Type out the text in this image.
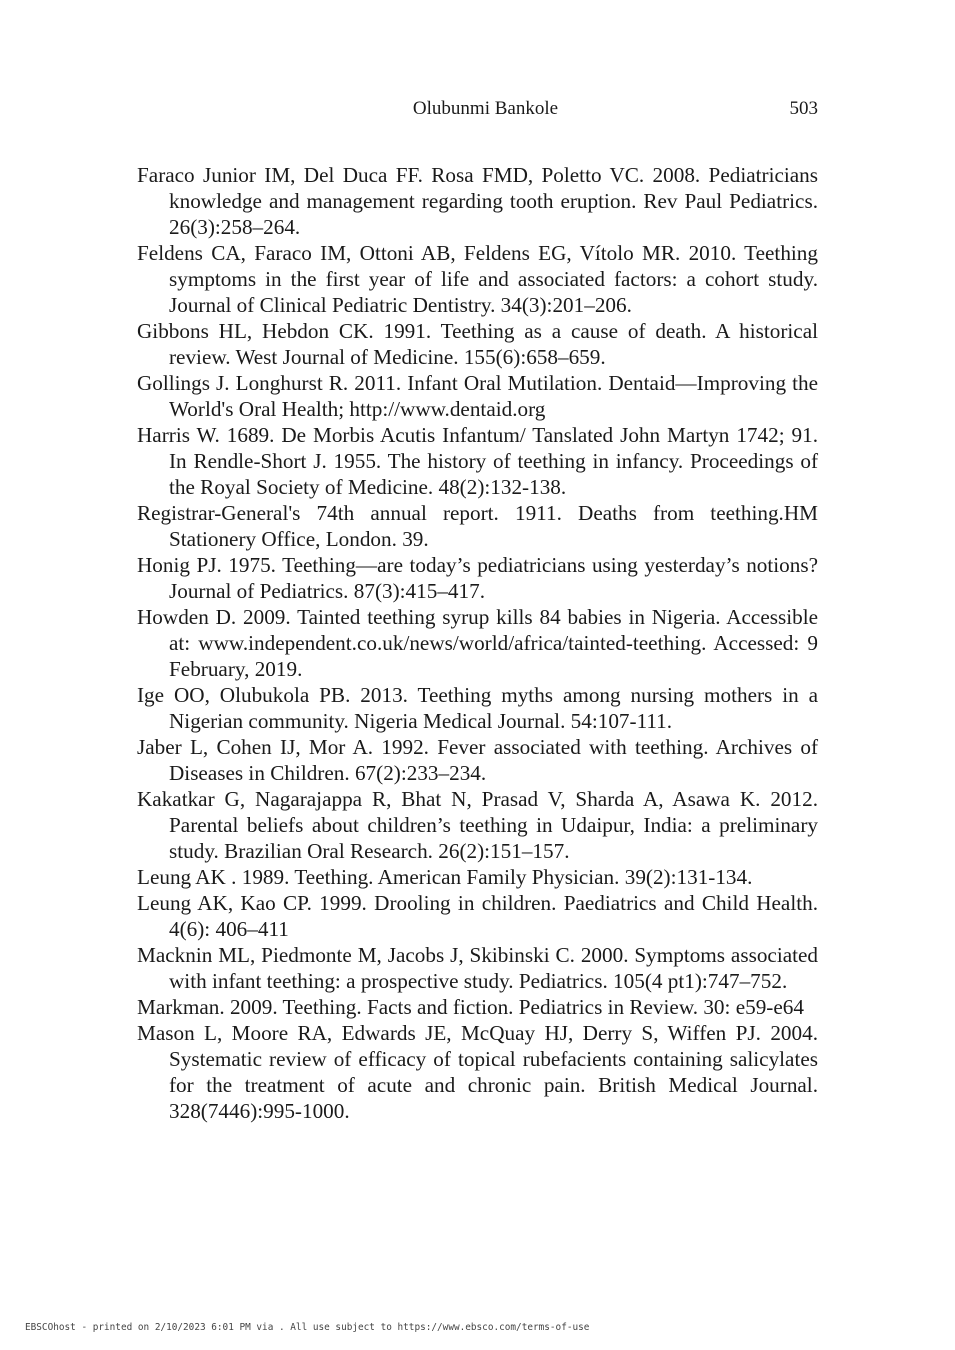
Olubunmi Bankole	503
Faraco Junior IM, Del Duca FF. Rosa FMD, Poletto VC. 2008. Pediatricians knowledge and management regarding tooth eruption. Rev Paul Pediatrics. 26(3):258–264.
Feldens CA, Faraco IM, Ottoni AB, Feldens EG, Vítolo MR. 2010. Teething symptoms in the first year of life and associated factors: a cohort study. Journal of Clinical Pediatric Dentistry. 34(3):201–206.
Gibbons HL, Hebdon CK. 1991. Teething as a cause of death. A historical review. West Journal of Medicine. 155(6):658–659.
Gollings J. Longhurst R. 2011. Infant Oral Mutilation. Dentaid—Improving the World's Oral Health; http://www.dentaid.org
Harris W. 1689. De Morbis Acutis Infantum/ Tanslated John Martyn 1742; 91. In Rendle-Short J. 1955. The history of teething in infancy. Proceedings of the Royal Society of Medicine. 48(2):132-138.
Registrar-General's 74th annual report. 1911. Deaths from teething.HM Stationery Office, London. 39.
Honig PJ. 1975. Teething—are today’s pediatricians using yesterday’s notions? Journal of Pediatrics. 87(3):415–417.
Howden D. 2009. Tainted teething syrup kills 84 babies in Nigeria. Accessible at: www.independent.co.uk/news/world/africa/tainted-teething. Accessed: 9 February, 2019.
Ige OO, Olubukola PB. 2013. Teething myths among nursing mothers in a Nigerian community. Nigeria Medical Journal. 54:107-111.
Jaber L, Cohen IJ, Mor A. 1992. Fever associated with teething. Archives of Diseases in Children. 67(2):233–234.
Kakatkar G, Nagarajappa R, Bhat N, Prasad V, Sharda A, Asawa K. 2012. Parental beliefs about children’s teething in Udaipur, India: a preliminary study. Brazilian Oral Research. 26(2):151–157.
Leung AK . 1989. Teething. American Family Physician. 39(2):131-134.
Leung AK, Kao CP. 1999. Drooling in children. Paediatrics and Child Health. 4(6): 406–411
Macknin ML, Piedmonte M, Jacobs J, Skibinski C. 2000. Symptoms associated with infant teething: a prospective study. Pediatrics. 105(4 pt1):747–752.
Markman. 2009. Teething. Facts and fiction. Pediatrics in Review. 30: e59-e64
Mason L, Moore RA, Edwards JE, McQuay HJ, Derry S, Wiffen PJ. 2004. Systematic review of efficacy of topical rubefacients containing salicylates for the treatment of acute and chronic pain. British Medical Journal. 328(7446):995-1000.
EBSCOhost - printed on 2/10/2023 6:01 PM via . All use subject to https://www.ebsco.com/terms-of-use
